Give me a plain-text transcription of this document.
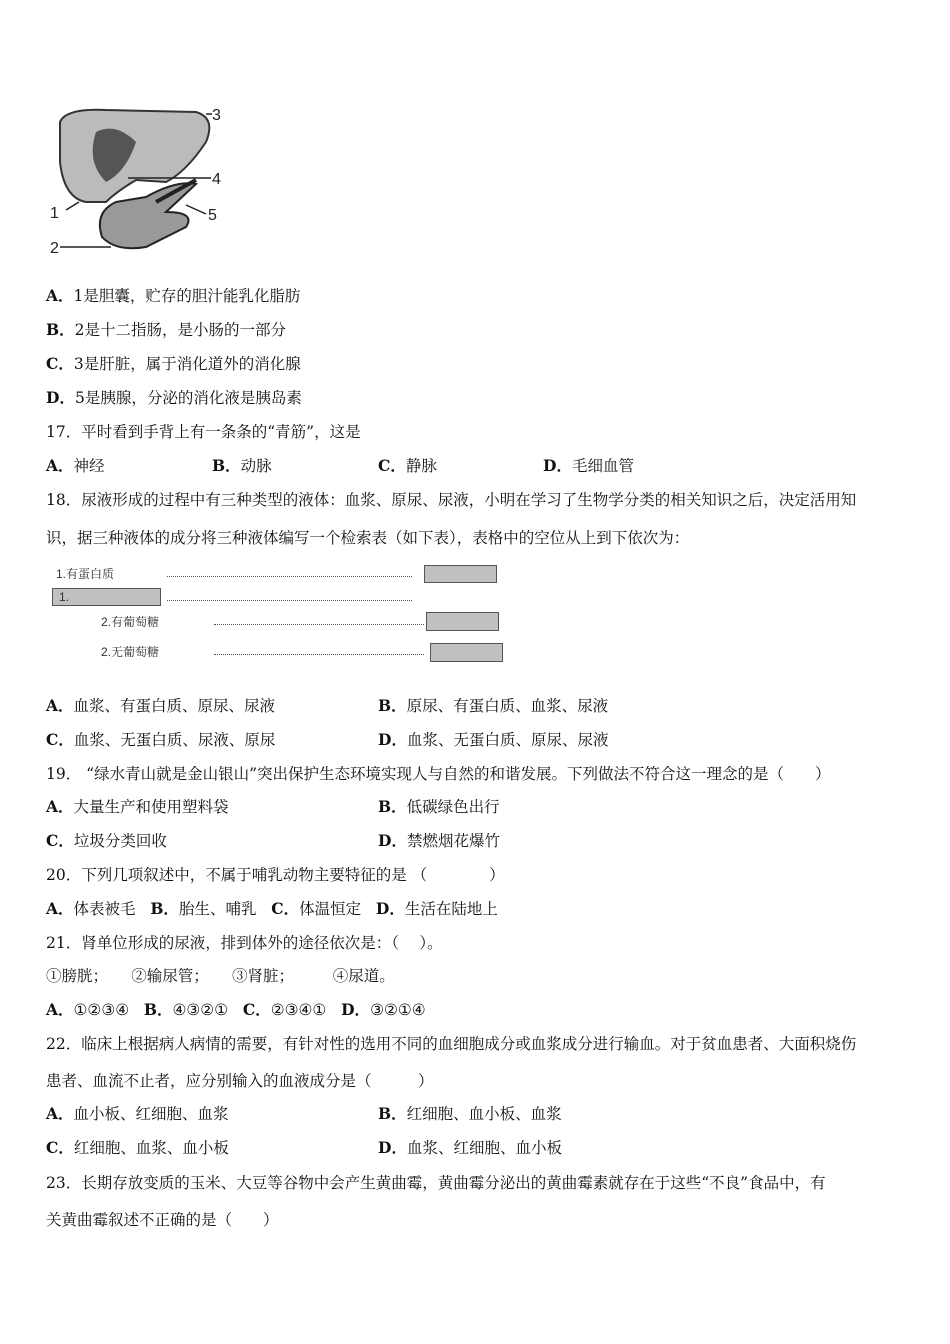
3
4
5
1
2
A．1是胆囊，贮存的胆汁能乳化脂肪
B．2是十二指肠，是小肠的一部分
C．3是肝脏，属于消化道外的消化腺
D．5是胰腺，分泌的消化液是胰岛素
17．平时看到手背上有一条条的“青筋”，这是
A．神经	B．动脉	C．静脉	D．毛细血管
18．尿液形成的过程中有三种类型的液体：血浆、原尿、尿液，小明在学习了生物学分类的相关知识之后，决定活用知
识，据三种液体的成分将三种液体编写一个检索表（如下表），表格中的空位从上到下依次为：
1.有蛋白质
1.
2.有葡萄糖
2.无葡萄糖
A．血浆、有蛋白质、原尿、尿液	B．原尿、有蛋白质、血浆、尿液
C．血浆、无蛋白质、尿液、原尿	D．血浆、无蛋白质、原尿、尿液
19． “绿水青山就是金山银山”突出保护生态环境实现人与自然的和谐发展。下列做法不符合这一理念的是（　　）
A．大量生产和使用塑料袋	B．低碳绿色出行
C．垃圾分类回收	D．禁燃烟花爆竹
20．下列几项叙述中，不属于哺乳动物主要特征的是 （　　　　）
A．体表被毛 B．胎生、哺乳 C．体温恒定 D．生活在陆地上
21．肾单位形成的尿液，排到体外的途径依次是：（　 ）。
①膀胱；　　②输尿管；　　③肾脏；　　　④尿道。
A．①②③④ B．④③②① C．②③④① D．③②①④
22．临床上根据病人病情的需要，有针对性的选用不同的血细胞成分或血浆成分进行输血。对于贫血患者、大面积烧伤
患者、血流不止者，应分别输入的血液成分是（　　　）
A．血小板、红细胞、血浆	B．红细胞、血小板、血浆
C．红细胞、血浆、血小板	D．血浆、红细胞、血小板
23．长期存放变质的玉米、大豆等谷物中会产生黄曲霉，黄曲霉分泌出的黄曲霉素就存在于这些“不良”食品中，有
关黄曲霉叙述不正确的是（　　）
